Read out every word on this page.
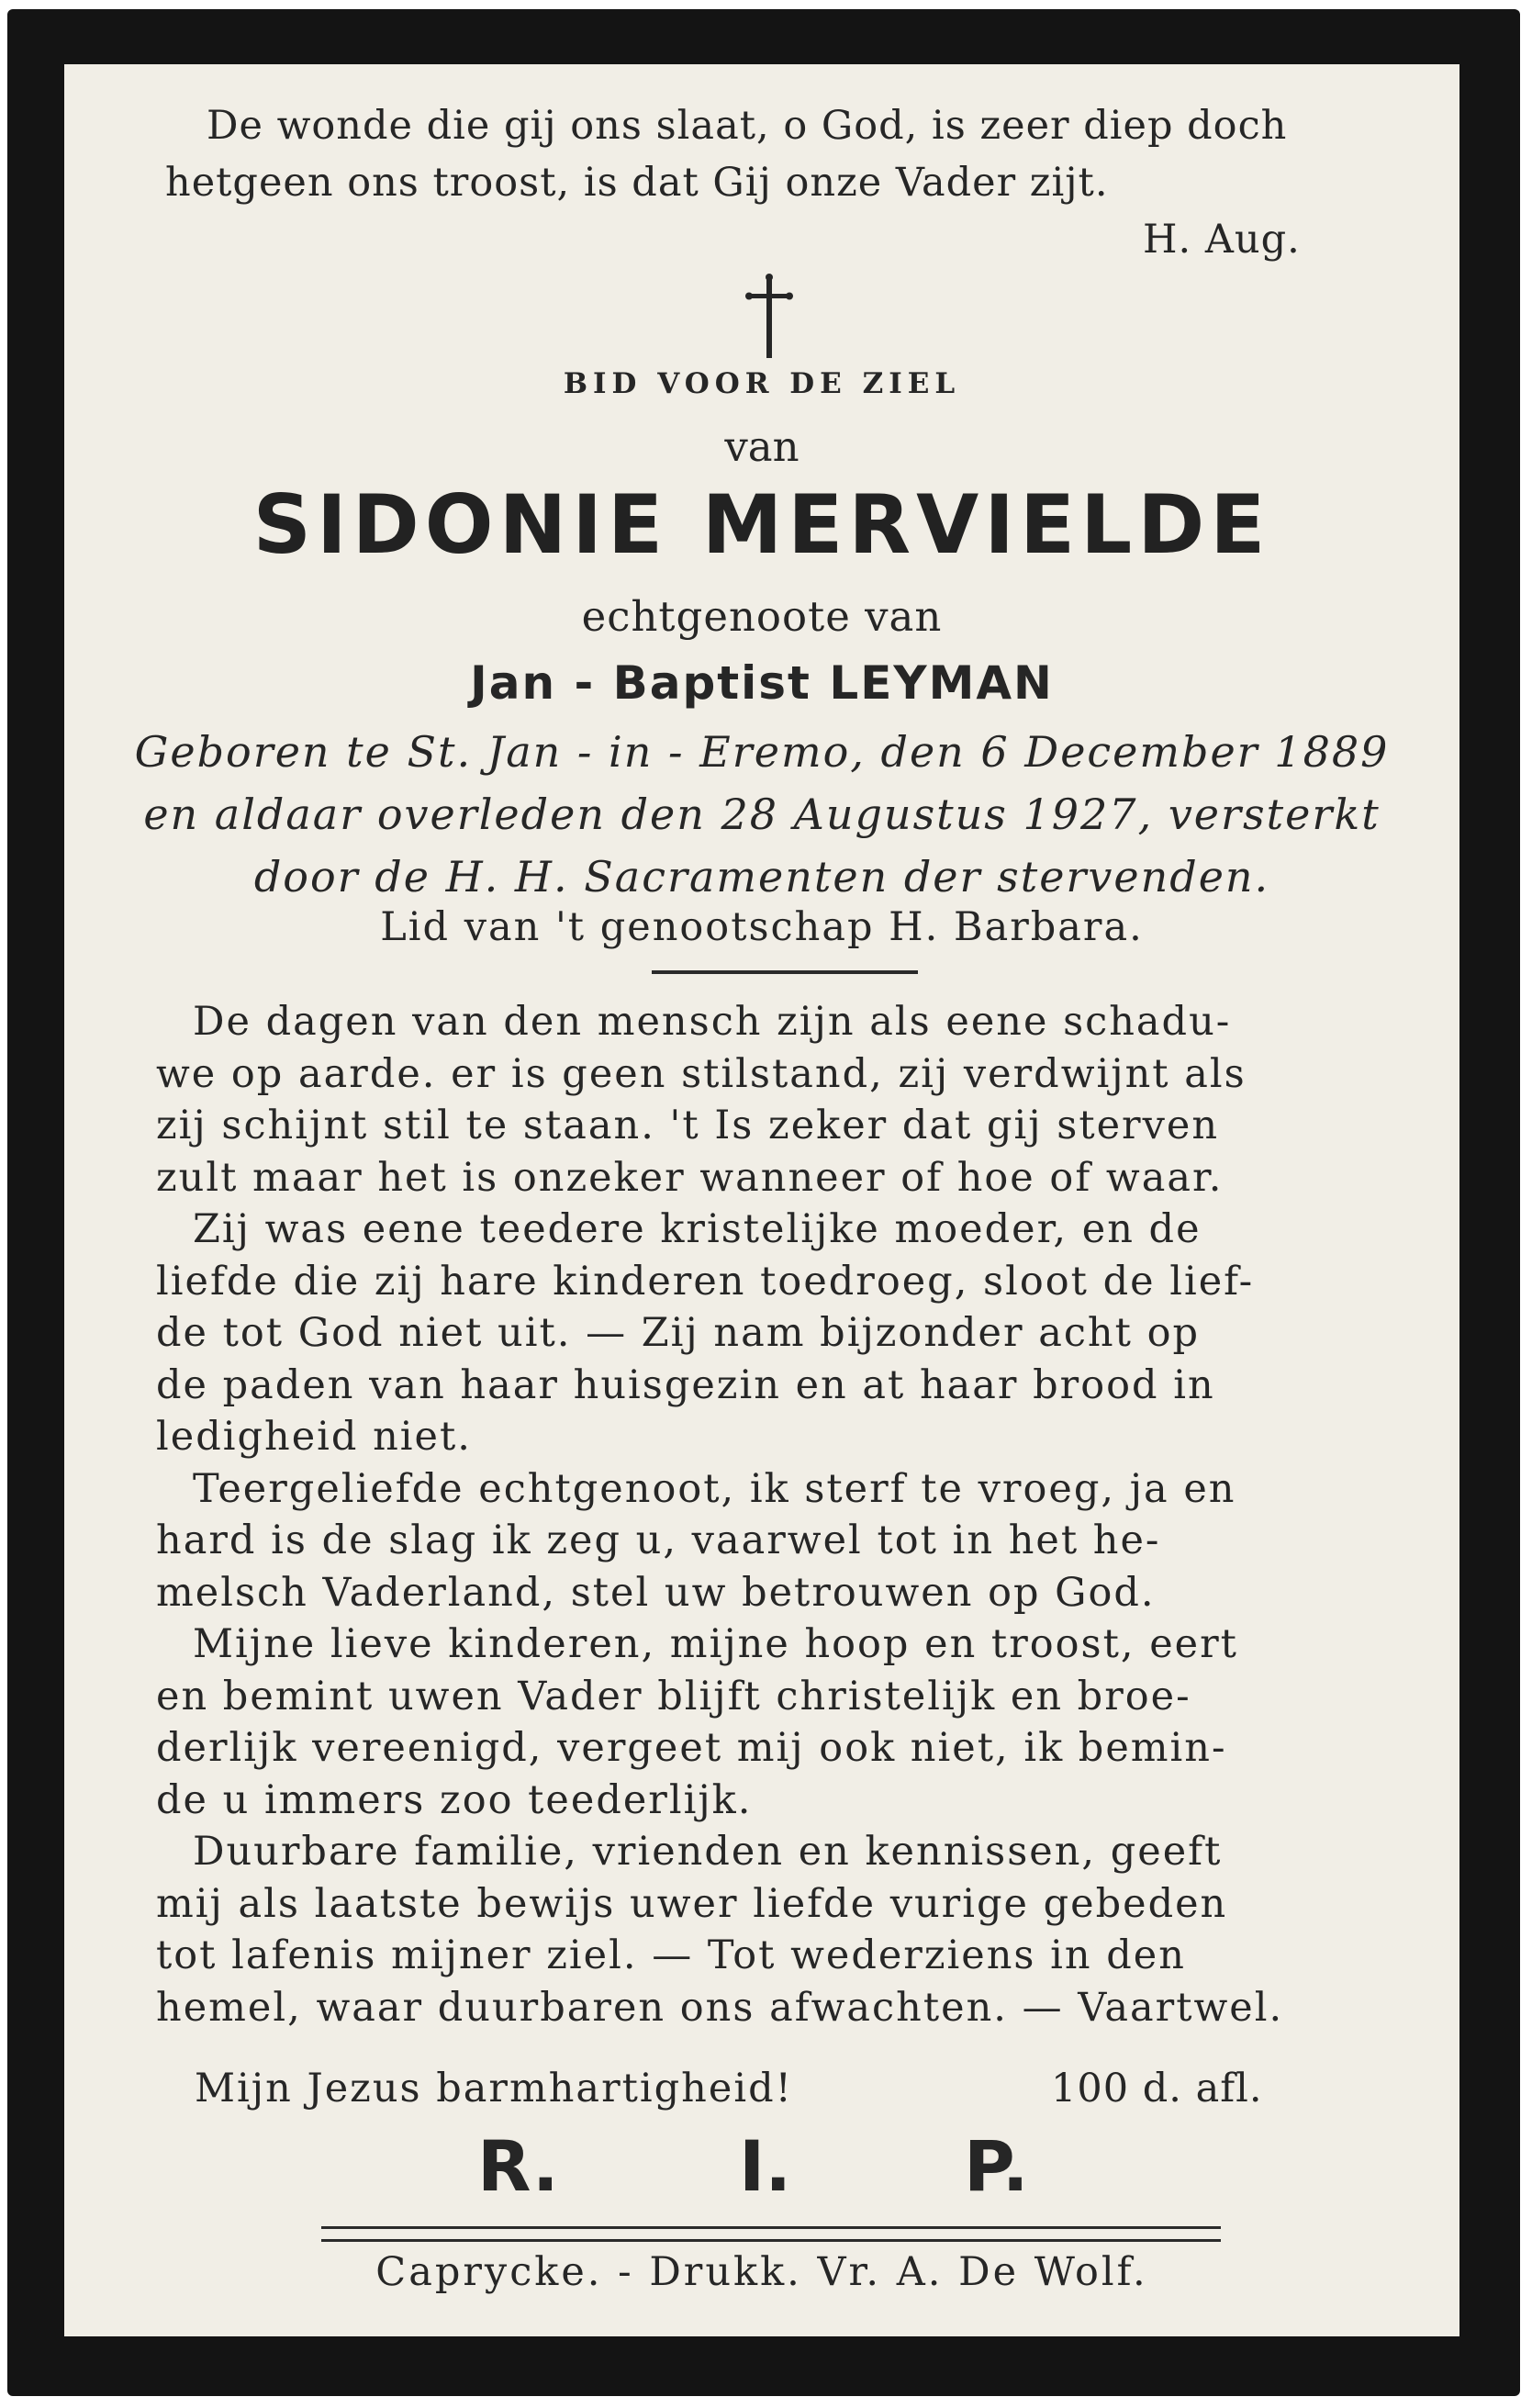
De wonde die gij ons slaat, o God, is zeer diep doch
hetgeen ons troost, is dat Gij onze Vader zijt.
H. Aug.
BID VOOR DE ZIEL
van
SIDONIE MERVIELDE
echtgenoote van
Jan - Baptist LEYMAN
Geboren te St. Jan - in - Eremo, den 6 December 1889
en aldaar overleden den 28 Augustus 1927, versterkt
door de H. H. Sacramenten der stervenden.
Lid van 't genootschap H. Barbara.
De dagen van den mensch zijn als eene schadu-
we op aarde. er is geen stilstand, zij verdwijnt als
zij schijnt stil te staan. 't Is zeker dat gij sterven
zult maar het is onzeker wanneer of hoe of waar.
Zij was eene teedere kristelijke moeder, en de
liefde die zij hare kinderen toedroeg, sloot de lief-
de tot God niet uit. — Zij nam bijzonder acht op
de paden van haar huisgezin en at haar brood in
ledigheid niet.
Teergeliefde echtgenoot, ik sterf te vroeg, ja en
hard is de slag ik zeg u, vaarwel tot in het he-
melsch Vaderland, stel uw betrouwen op God.
Mijne lieve kinderen, mijne hoop en troost, eert
en bemint uwen Vader blijft christelijk en broe-
derlijk vereenigd, vergeet mij ook niet, ik bemin-
de u immers zoo teederlijk.
Duurbare familie, vrienden en kennissen, geeft
mij als laatste bewijs uwer liefde vurige gebeden
tot lafenis mijner ziel. — Tot wederziens in den
hemel, waar duurbaren ons afwachten. — Vaartwel.
Mijn Jezus barmhartigheid!	100 d. afl.
R.	I. P.
Caprycke. - Drukk. Vr. A. De Wolf.
